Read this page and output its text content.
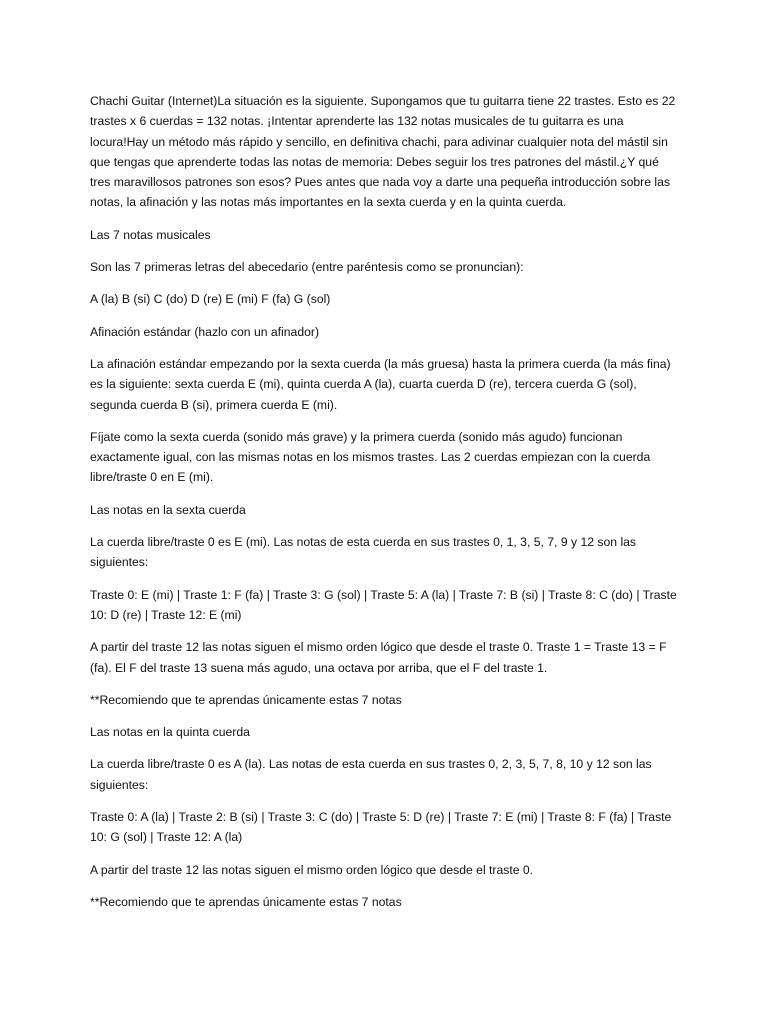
Chachi Guitar (Internet)La situación es la siguiente. Supongamos que tu guitarra tiene 22 trastes. Esto es 22 trastes x 6 cuerdas = 132 notas. ¡Intentar aprenderte las 132 notas musicales de tu guitarra es una locura!Hay un método más rápido y sencillo, en definitiva chachi, para adivinar cualquier nota del mástil sin que tengas que aprenderte todas las notas de memoria: Debes seguir los tres patrones del mástil.¿Y qué tres maravillosos patrones son esos? Pues antes que nada voy a darte una pequeña introducción sobre las notas, la afinación y las notas más importantes en la sexta cuerda y en la quinta cuerda.

Las 7 notas musicales

Son las 7 primeras letras del abecedario (entre paréntesis como se pronuncian):

A (la) B (si) C (do) D (re) E (mi) F (fa) G (sol)

Afinación estándar (hazlo con un afinador)

La afinación estándar empezando por la sexta cuerda (la más gruesa) hasta la primera cuerda (la más fina) es la siguiente: sexta cuerda E (mi), quinta cuerda A (la), cuarta cuerda D (re), tercera cuerda G (sol), segunda cuerda B (si), primera cuerda E (mi).

Fíjate como la sexta cuerda (sonido más grave) y la primera cuerda (sonido más agudo) funcionan exactamente igual, con las mismas notas en los mismos trastes. Las 2 cuerdas empiezan con la cuerda libre/traste 0 en E (mi).

Las notas en la sexta cuerda

La cuerda libre/traste 0 es E (mi). Las notas de esta cuerda en sus trastes 0, 1, 3, 5, 7, 9 y 12 son las siguientes:

Traste 0: E (mi) | Traste 1: F (fa) | Traste 3: G (sol) | Traste 5: A (la) | Traste 7: B (si) | Traste 8: C (do) | Traste 10: D (re) | Traste 12: E (mi)

A partir del traste 12 las notas siguen el mismo orden lógico que desde el traste 0. Traste 1 = Traste 13 = F (fa). El F del traste 13 suena más agudo, una octava por arriba, que el F del traste 1.

**Recomiendo que te aprendas únicamente estas 7 notas

Las notas en la quinta cuerda

La cuerda libre/traste 0 es A (la). Las notas de esta cuerda en sus trastes 0, 2, 3, 5, 7, 8, 10 y 12 son las siguientes:

Traste 0: A (la) | Traste 2: B (si) | Traste 3: C (do) | Traste 5: D (re) | Traste 7: E (mi) | Traste 8: F (fa) | Traste 10: G (sol) | Traste 12: A (la)

A partir del traste 12 las notas siguen el mismo orden lógico que desde el traste 0.

**Recomiendo que te aprendas únicamente estas 7 notas
